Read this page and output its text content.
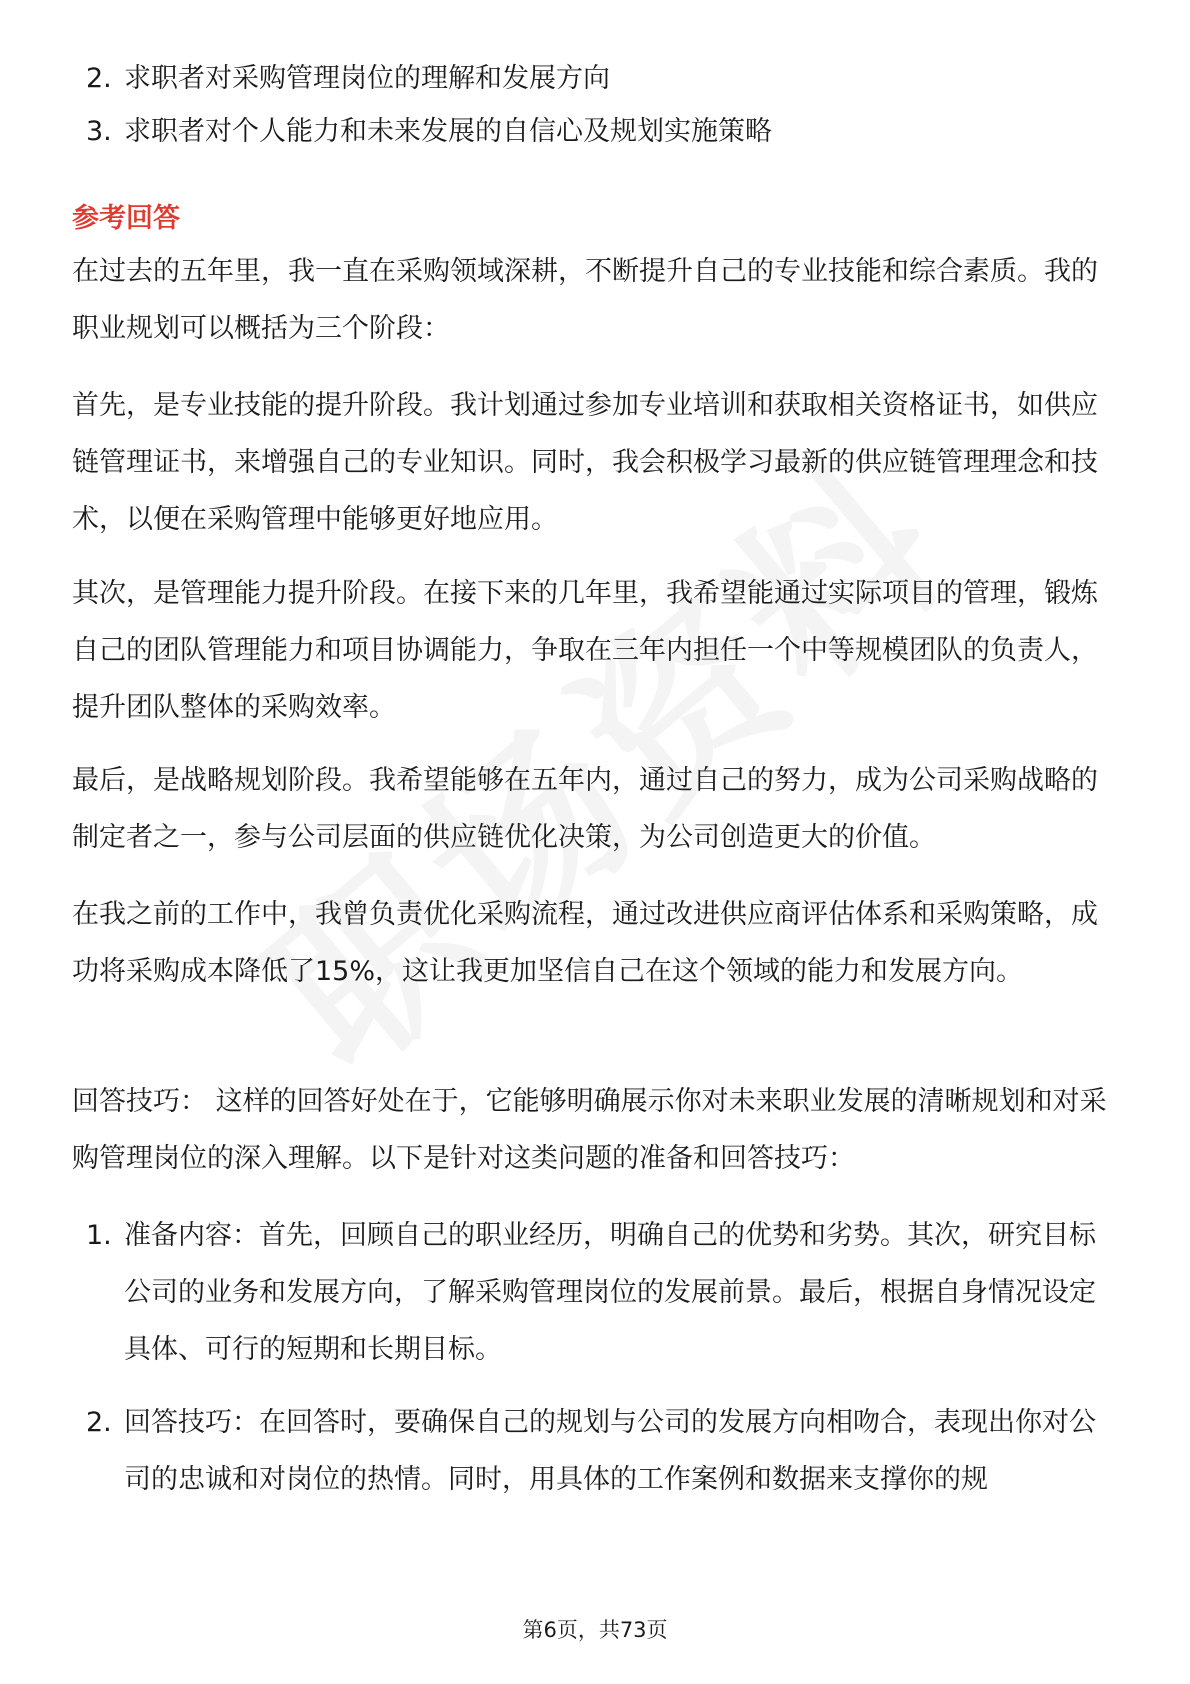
2. 求职者对采购管理岗位的理解和发展方向
3. 求职者对个人能力和未来发展的自信心及规划实施策略
参考回答

在过去的五年里，我一直在采购领域深耕，不断提升自己的专业技能和综合素质。我的职业规划可以概括为三个阶段：

首先，是专业技能的提升阶段。我计划通过参加专业培训和获取相关资格证书，如供应链管理证书，来增强自己的专业知识。同时，我会积极学习最新的供应链管理理念和技术，以便在采购管理中能够更好地应用。

其次，是管理能力提升阶段。在接下来的几年里，我希望能通过实际项目的管理，锻炼自己的团队管理能力和项目协调能力，争取在三年内担任一个中等规模团队的负责人，提升团队整体的采购效率。

最后，是战略规划阶段。我希望能够在五年内，通过自己的努力，成为公司采购战略的制定者之一，参与公司层面的供应链优化决策，为公司创造更大的价值。

在我之前的工作中，我曾负责优化采购流程，通过改进供应商评估体系和采购策略，成功将采购成本降低了15%，这让我更加坚信自己在这个领域的能力和发展方向。

回答技巧： 这样的回答好处在于，它能够明确展示你对未来职业发展的清晰规划和对采购管理岗位的深入理解。以下是针对这类问题的准备和回答技巧：

1. 准备内容：首先，回顾自己的职业经历，明确自己的优势和劣势。其次，研究目标公司的业务和发展方向，了解采购管理岗位的发展前景。最后，根据自身情况设定具体、可行的短期和长期目标。
2. 回答技巧：在回答时，要确保自己的规划与公司的发展方向相吻合，表现出你对公司的忠诚和对岗位的热情。同时，用具体的工作案例和数据来支撑你的规
第6页，共73页
